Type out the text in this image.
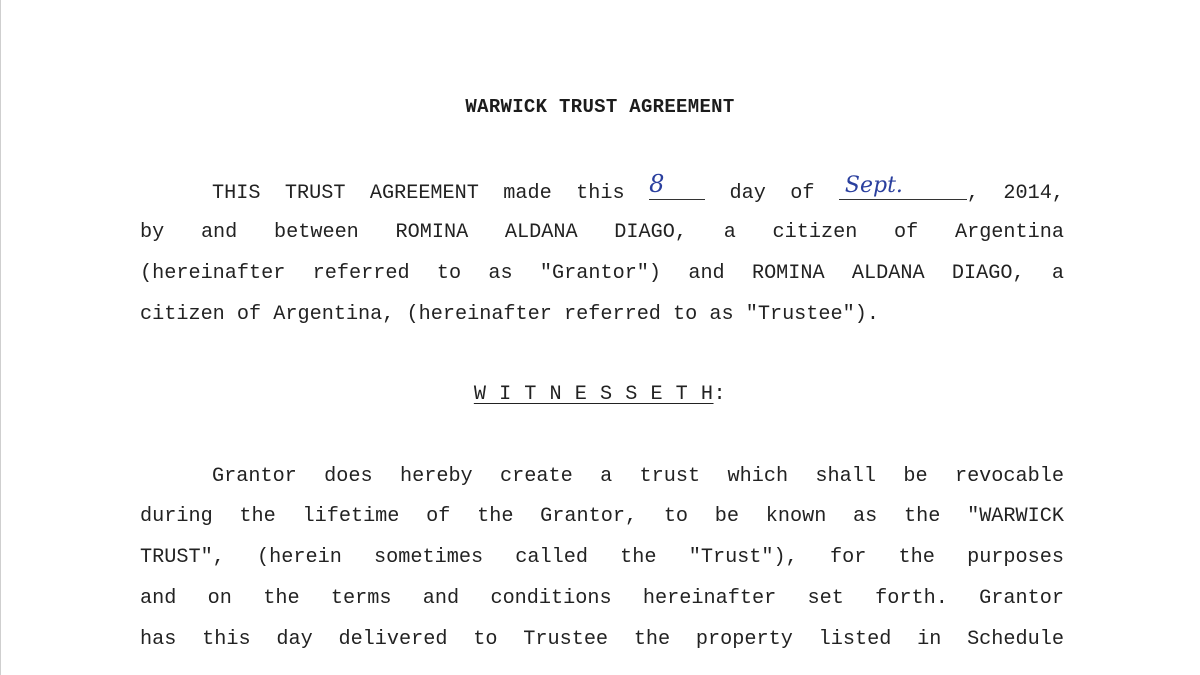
WARWICK TRUST AGREEMENT
THIS TRUST AGREEMENT made this 8	day of Sept.	, 2014,
by and between ROMINA ALDANA DIAGO, a citizen of Argentina
(hereinafter referred to as "Grantor") and ROMINA ALDANA DIAGO, a
citizen of Argentina, (hereinafter referred to as "Trustee").
W I T N E S S E T H:
Grantor does hereby create a trust which shall be revocable
during the lifetime of the Grantor, to be known as the "WARWICK
TRUST", (herein sometimes called the "Trust"), for the purposes
and on the terms and conditions hereinafter set forth. Grantor
has this day delivered to Trustee the property listed in Schedule
